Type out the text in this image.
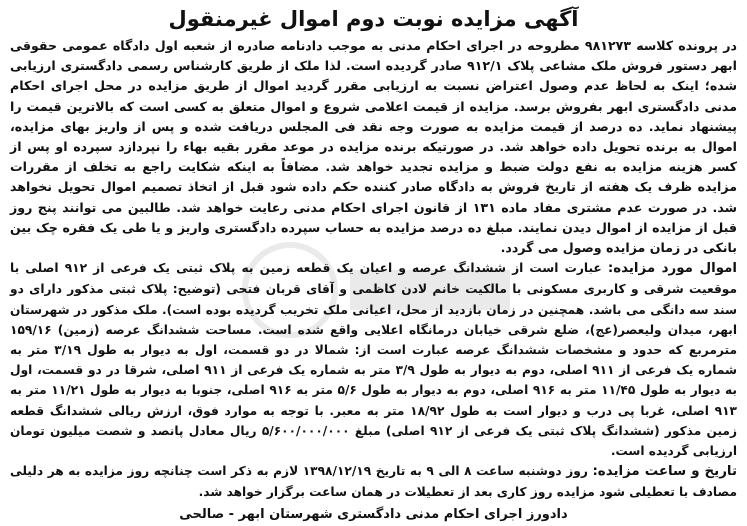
آگهی مزایده نوبت دوم اموال غیرمنقول

در پرونده کلاسه ۹۸۱۲۷۳ مطروحه در اجرای احکام مدنی به موجب دادنامه صادره از شعبه اول دادگاه عمومی حقوقی ابهر دستور فروش ملک مشاعی پلاک ۹۱۲/۱ صادر گردیده است. لذا ملک از طریق کارشناس رسمی دادگستری ارزیابی شده؛ اینک به لحاظ عدم وصول اعتراض نسبت به ارزیابی مقرر گردید اموال از طریق مزایده در محل اجرای احکام مدنی دادگستری ابهر بفروش برسد. مزایده از قیمت اعلامی شروع و اموال متعلق به کسی است که بالاترین قیمت را پیشنهاد نماید. ده درصد از قیمت مزایده به صورت وجه نقد فی المجلس دریافت شده و پس از واریز بهای مزایده، اموال به برنده تحویل داده خواهد شد. در صورتیکه برنده مزایده در موعد مقرر بقیه بهاء را نپردازد سپرده او پس از کسر هزینه مزایده به نفع دولت ضبط و مزایده تجدید خواهد شد. مضافاً به اینکه شکایت راجع به تخلف از مقررات مزایده ظرف یک هفته از تاریخ فروش به دادگاه صادر کننده حکم داده شود قبل از اتخاذ تصمیم اموال تحویل نخواهد شد. در صورت عدم مشتری مفاد ماده ۱۳۱ از قانون اجرای احکام مدنی رعایت خواهد شد. طالبین می توانند پنج روز قبل از مزایده از اموال دیدن نمایند. مبلغ ده درصد مزایده به حساب سپرده دادگستری واریز و یا طی یک فقره چک بین بانکی در زمان مزایده وصول می گردد.

اموال مورد مزایده: عبارت است از ششدانگ عرصه و اعیان یک قطعه زمین به پلاک ثبتی یک فرعی از ۹۱۲ اصلی با موقعیت شرقی و کاربری مسکونی با مالکیت خانم لادن کاظمی و آقای قربان فتحی (توضیح: پلاک ثبتی مذکور دارای دو سند سه دانگی می باشد. همچنین در زمان بازدید از محل، اعیانی ملک تخریب گردیده بوده است). ملک مذکور در شهرستان ابهر، میدان ولیعصر(عج)، ضلع شرقی خیابان درمانگاه اعلایی واقع شده است. مساحت ششدانگ عرصه (زمین) ۱۵۹/۱۶ مترمربع که حدود و مشخصات ششدانگ عرصه عبارت است از: شمالا در دو قسمت، اول به دیوار به طول ۳/۱۹ متر به شماره یک فرعی از ۹۱۱ اصلی، دوم به دیوار به طول ۳/۹ متر به شماره یک فرعی از ۹۱۱ اصلی، شرقا در دو قسمت، اول به دیوار به طول ۱۱/۴۵ متر به ۹۱۶ اصلی، دوم به دیوار به طول ۵/۶ متر به ۹۱۶ اصلی، جنوبا به دیوار به طول ۱۱/۲۱ متر به ۹۱۳ اصلی، غربا پی درب و دیوار است به طول ۱۸/۹۲ متر به معبر. با توجه به موارد فوق، ارزش ریالی ششدانگ قطعه زمین مذکور (ششدانگ پلاک ثبتی یک فرعی از ۹۱۲ اصلی) مبلغ ۵/۶۰۰/۰۰۰/۰۰۰ ریال معادل پانصد و شصت میلیون تومان ارزیابی گردیده است.

تاریخ و ساعت مزایده: روز دوشنبه ساعت ۸ الی ۹ به تاریخ ۱۳۹۸/۱۲/۱۹ لازم به ذکر است چنانچه روز مزایده به هر دلیلی مصادف با تعطیلی شود مزایده روز کاری بعد از تعطیلات در همان ساعت برگزار خواهد شد.

دادورز اجرای احکام مدنی دادگستری شهرستان ابهر - صالحی
